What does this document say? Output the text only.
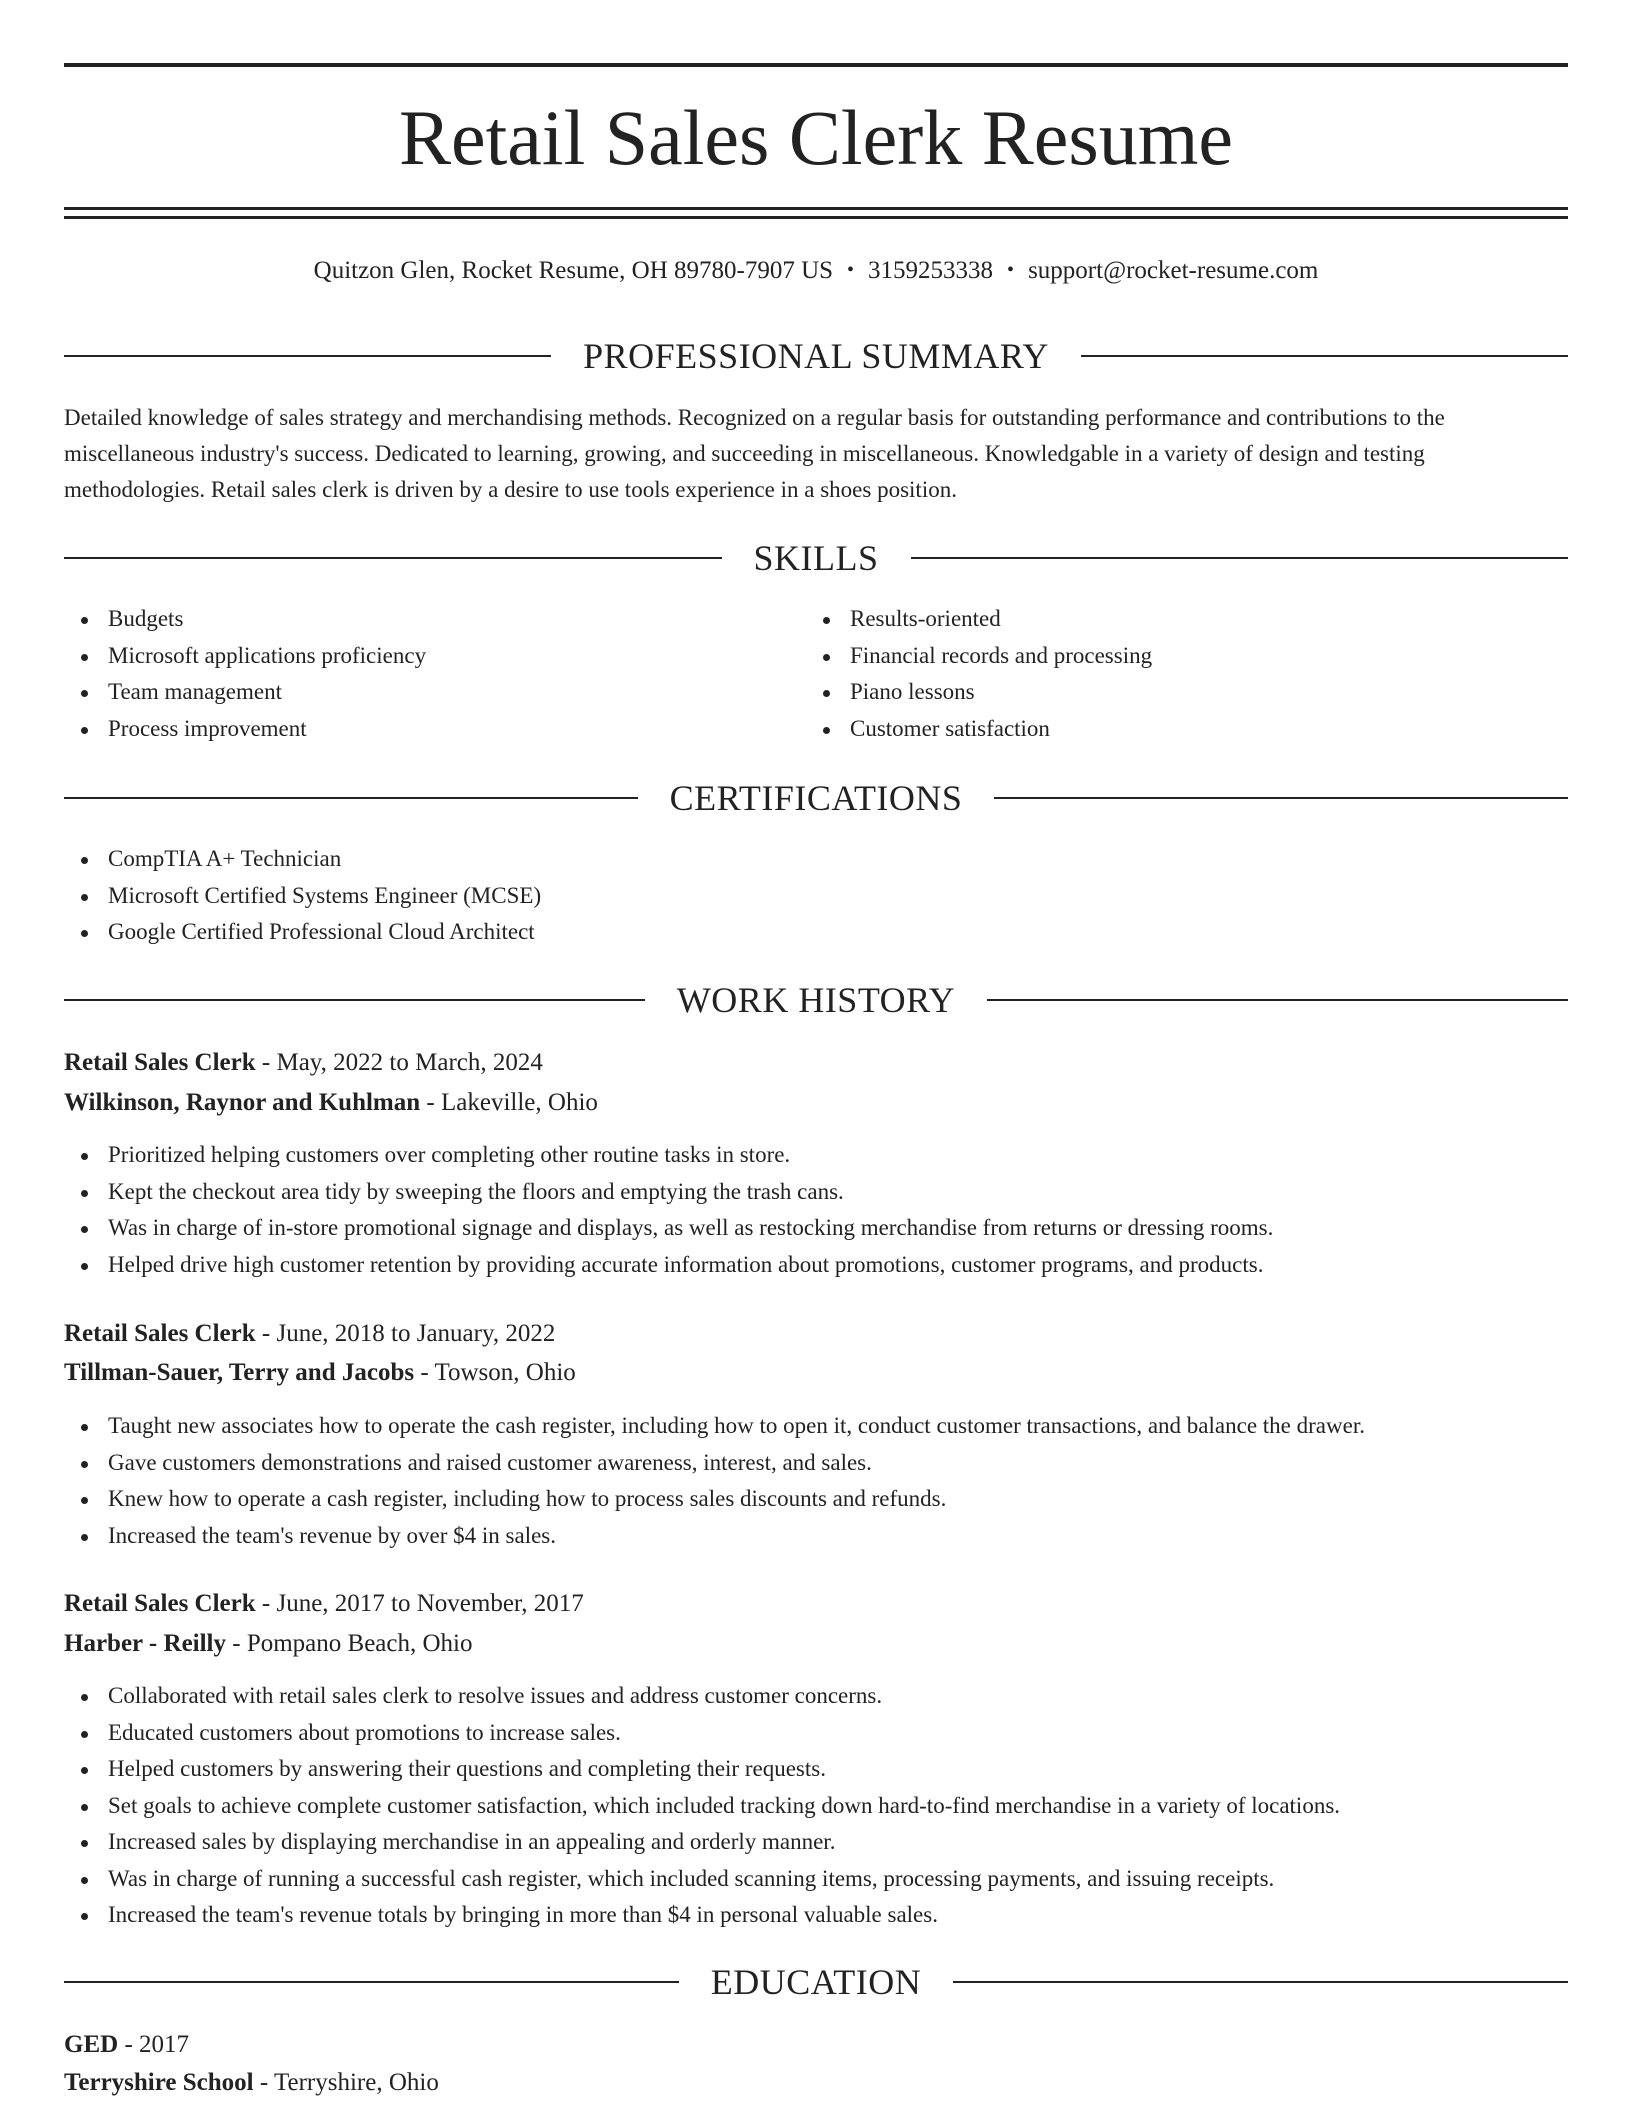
Retail Sales Clerk Resume
Quitzon Glen, Rocket Resume, OH 89780-7907 US • 3159253338 • support@rocket-resume.com
PROFESSIONAL SUMMARY

Detailed knowledge of sales strategy and merchandising methods. Recognized on a regular basis for outstanding performance and contributions to the miscellaneous industry's success. Dedicated to learning, growing, and succeeding in miscellaneous. Knowledgable in a variety of design and testing methodologies. Retail sales clerk is driven by a desire to use tools experience in a shoes position.

SKILLS
Budgets
Microsoft applications proficiency
Team management
Process improvement
Results-oriented
Financial records and processing
Piano lessons
Customer satisfaction
CERTIFICATIONS
CompTIA A+ Technician
Microsoft Certified Systems Engineer (MCSE)
Google Certified Professional Cloud Architect
WORK HISTORY
Retail Sales Clerk - May, 2022 to March, 2024
Wilkinson, Raynor and Kuhlman - Lakeville, Ohio
Prioritized helping customers over completing other routine tasks in store.
Kept the checkout area tidy by sweeping the floors and emptying the trash cans.
Was in charge of in-store promotional signage and displays, as well as restocking merchandise from returns or dressing rooms.
Helped drive high customer retention by providing accurate information about promotions, customer programs, and products.
Retail Sales Clerk - June, 2018 to January, 2022
Tillman-Sauer, Terry and Jacobs - Towson, Ohio
Taught new associates how to operate the cash register, including how to open it, conduct customer transactions, and balance the drawer.
Gave customers demonstrations and raised customer awareness, interest, and sales.
Knew how to operate a cash register, including how to process sales discounts and refunds.
Increased the team's revenue by over $4 in sales.
Retail Sales Clerk - June, 2017 to November, 2017
Harber - Reilly - Pompano Beach, Ohio
Collaborated with retail sales clerk to resolve issues and address customer concerns.
Educated customers about promotions to increase sales.
Helped customers by answering their questions and completing their requests.
Set goals to achieve complete customer satisfaction, which included tracking down hard-to-find merchandise in a variety of locations.
Increased sales by displaying merchandise in an appealing and orderly manner.
Was in charge of running a successful cash register, which included scanning items, processing payments, and issuing receipts.
Increased the team's revenue totals by bringing in more than $4 in personal valuable sales.
EDUCATION
GED - 2017
Terryshire School - Terryshire, Ohio
